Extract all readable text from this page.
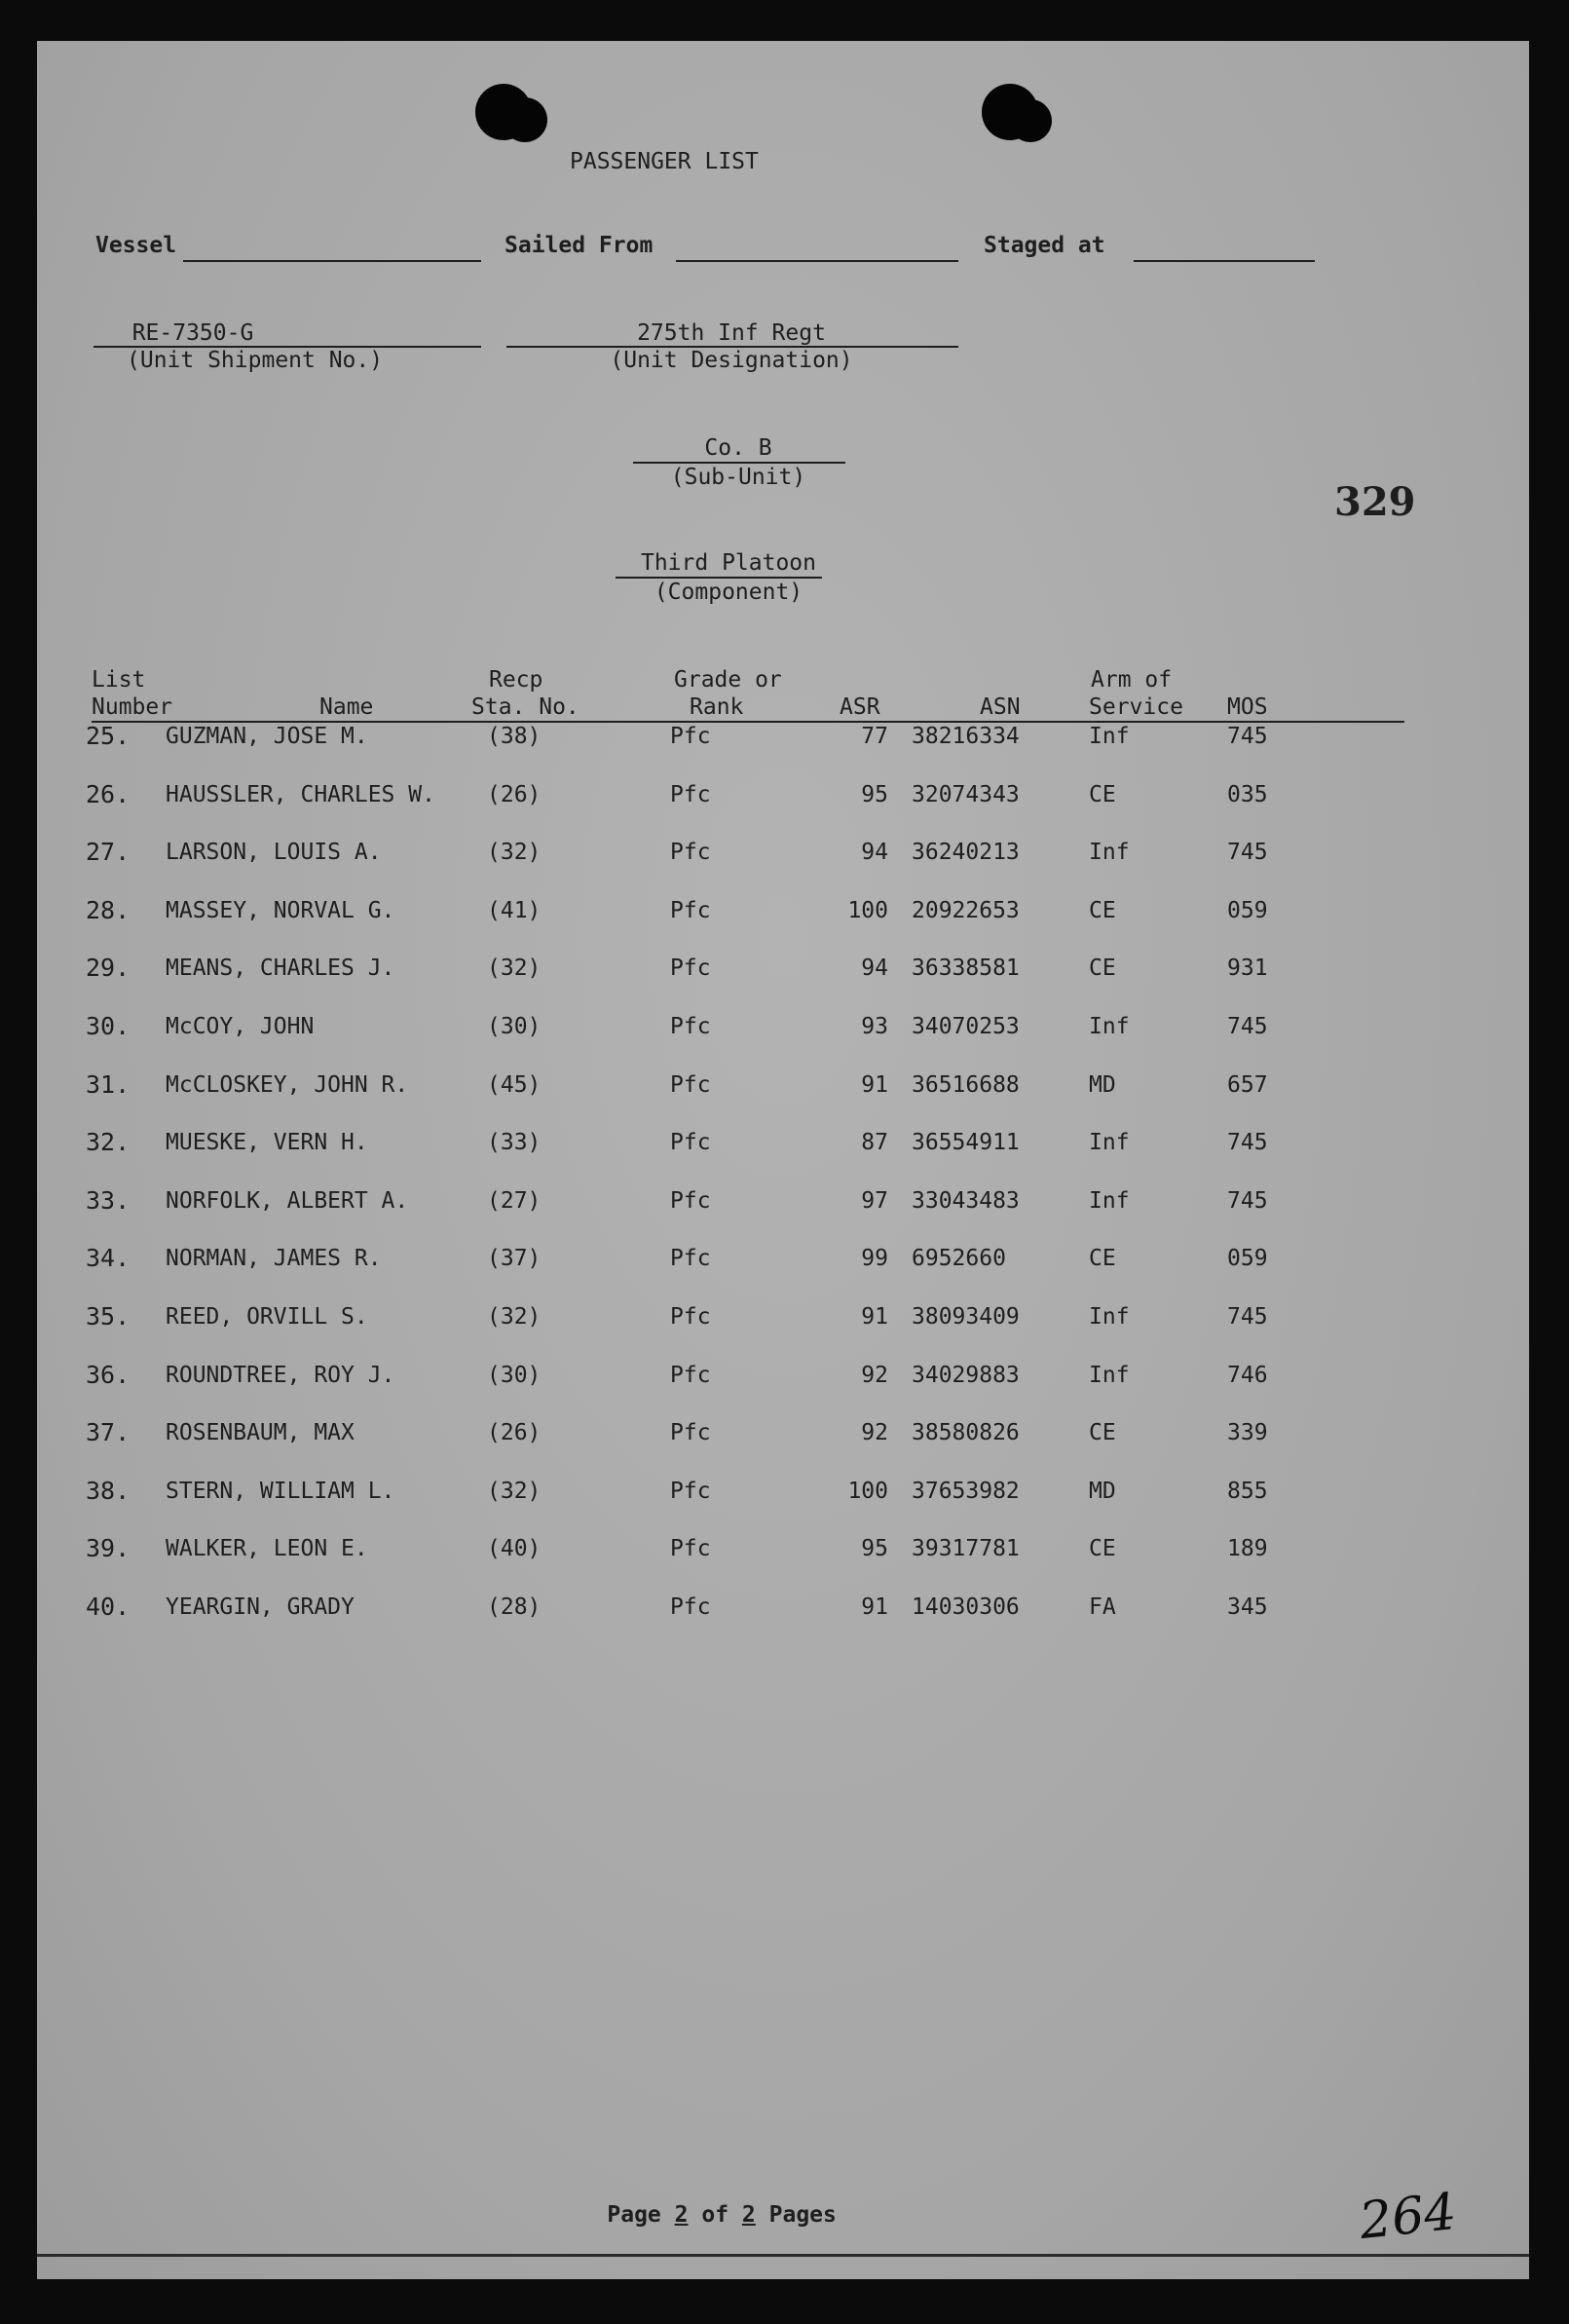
PASSENGER LIST
Vessel	Sailed From	Staged at
RE-7350-G
(Unit Shipment No.)
275th Inf Regt
(Unit Designation)
Co. B
(Sub-Unit)
329
Third Platoon
(Component)
List
Number	Name
Recp
Sta. No.
Grade or
Rank	ASR	ASN
Arm of
Service MOS
25.	GUZMAN, JOSE M.	(38)	Pfc	77 38216334	Inf	745
26.	HAUSSLER, CHARLES W.	(26)	Pfc	95 32074343	CE	035
27.	LARSON, LOUIS A.	(32)	Pfc	94 36240213	Inf	745
28.	MASSEY, NORVAL G.	(41)	Pfc	100 20922653	CE	059
29.	MEANS, CHARLES J.	(32)	Pfc	94 36338581	CE	931
30.	McCOY, JOHN	(30)	Pfc	93 34070253	Inf	745
31.	McCLOSKEY, JOHN R.	(45)	Pfc	91 36516688	MD	657
32.	MUESKE, VERN H.	(33)	Pfc	87 36554911	Inf	745
33.	NORFOLK, ALBERT A.	(27)	Pfc	97 33043483	Inf	745
34.	NORMAN, JAMES R.	(37)	Pfc	99 6952660	CE	059
35.	REED, ORVILL S.	(32)	Pfc	91 38093409	Inf	745
36.	ROUNDTREE, ROY J.	(30)	Pfc	92 34029883	Inf	746
37.	ROSENBAUM, MAX	(26)	Pfc	92 38580826	CE	339
38.	STERN, WILLIAM L.	(32)	Pfc	100 37653982	MD	855
39.	WALKER, LEON E.	(40)	Pfc	95 39317781	CE	189
40.	YEARGIN, GRADY	(28)	Pfc	91 14030306	FA	345

Page 2 of 2 Pages
	264
